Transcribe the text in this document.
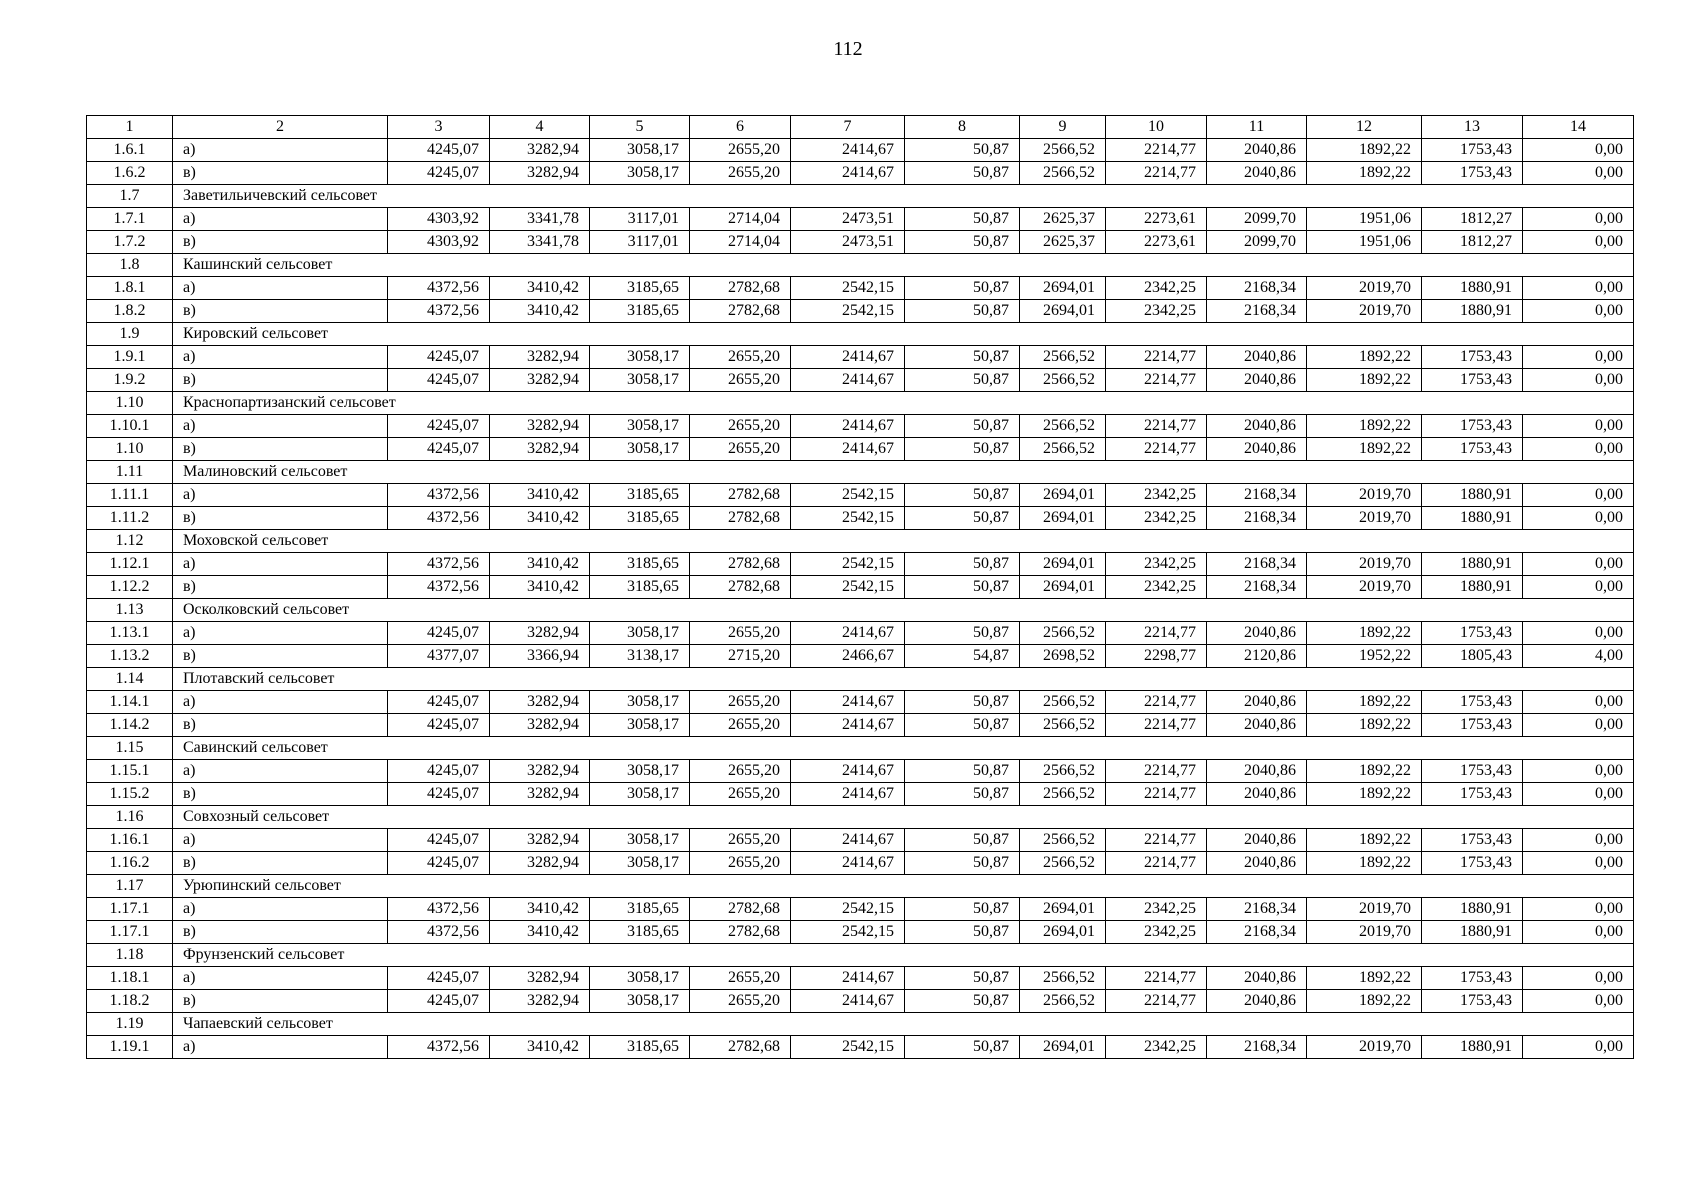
112
1	2	3	4	5	6	7	8	9	10	11	12	13	14
1.6.1	а)	4245,07	3282,94	3058,17	2655,20	2414,67	50,87	2566,52	2214,77	2040,86	1892,22	1753,43	0,00
1.6.2	в)	4245,07	3282,94	3058,17	2655,20	2414,67	50,87	2566,52	2214,77	2040,86	1892,22	1753,43	0,00
1.7	Заветильичевский сельсовет												
1.7.1	а)	4303,92	3341,78	3117,01	2714,04	2473,51	50,87	2625,37	2273,61	2099,70	1951,06	1812,27	0,00
1.7.2	в)	4303,92	3341,78	3117,01	2714,04	2473,51	50,87	2625,37	2273,61	2099,70	1951,06	1812,27	0,00
1.8	Кашинский сельсовет												
1.8.1	а)	4372,56	3410,42	3185,65	2782,68	2542,15	50,87	2694,01	2342,25	2168,34	2019,70	1880,91	0,00
1.8.2	в)	4372,56	3410,42	3185,65	2782,68	2542,15	50,87	2694,01	2342,25	2168,34	2019,70	1880,91	0,00
1.9	Кировский сельсовет												
1.9.1	а)	4245,07	3282,94	3058,17	2655,20	2414,67	50,87	2566,52	2214,77	2040,86	1892,22	1753,43	0,00
1.9.2	в)	4245,07	3282,94	3058,17	2655,20	2414,67	50,87	2566,52	2214,77	2040,86	1892,22	1753,43	0,00
1.10	Краснопартизанский сельсовет												
1.10.1	а)	4245,07	3282,94	3058,17	2655,20	2414,67	50,87	2566,52	2214,77	2040,86	1892,22	1753,43	0,00
1.10	в)	4245,07	3282,94	3058,17	2655,20	2414,67	50,87	2566,52	2214,77	2040,86	1892,22	1753,43	0,00
1.11	Малиновский сельсовет												
1.11.1	а)	4372,56	3410,42	3185,65	2782,68	2542,15	50,87	2694,01	2342,25	2168,34	2019,70	1880,91	0,00
1.11.2	в)	4372,56	3410,42	3185,65	2782,68	2542,15	50,87	2694,01	2342,25	2168,34	2019,70	1880,91	0,00
1.12	Моховской сельсовет												
1.12.1	а)	4372,56	3410,42	3185,65	2782,68	2542,15	50,87	2694,01	2342,25	2168,34	2019,70	1880,91	0,00
1.12.2	в)	4372,56	3410,42	3185,65	2782,68	2542,15	50,87	2694,01	2342,25	2168,34	2019,70	1880,91	0,00
1.13	Осколковский сельсовет												
1.13.1	а)	4245,07	3282,94	3058,17	2655,20	2414,67	50,87	2566,52	2214,77	2040,86	1892,22	1753,43	0,00
1.13.2	в)	4377,07	3366,94	3138,17	2715,20	2466,67	54,87	2698,52	2298,77	2120,86	1952,22	1805,43	4,00
1.14	Плотавский сельсовет												
1.14.1	а)	4245,07	3282,94	3058,17	2655,20	2414,67	50,87	2566,52	2214,77	2040,86	1892,22	1753,43	0,00
1.14.2	в)	4245,07	3282,94	3058,17	2655,20	2414,67	50,87	2566,52	2214,77	2040,86	1892,22	1753,43	0,00
1.15	Савинский сельсовет												
1.15.1	а)	4245,07	3282,94	3058,17	2655,20	2414,67	50,87	2566,52	2214,77	2040,86	1892,22	1753,43	0,00
1.15.2	в)	4245,07	3282,94	3058,17	2655,20	2414,67	50,87	2566,52	2214,77	2040,86	1892,22	1753,43	0,00
1.16	Совхозный сельсовет												
1.16.1	а)	4245,07	3282,94	3058,17	2655,20	2414,67	50,87	2566,52	2214,77	2040,86	1892,22	1753,43	0,00
1.16.2	в)	4245,07	3282,94	3058,17	2655,20	2414,67	50,87	2566,52	2214,77	2040,86	1892,22	1753,43	0,00
1.17	Урюпинский сельсовет												
1.17.1	а)	4372,56	3410,42	3185,65	2782,68	2542,15	50,87	2694,01	2342,25	2168,34	2019,70	1880,91	0,00
1.17.1	в)	4372,56	3410,42	3185,65	2782,68	2542,15	50,87	2694,01	2342,25	2168,34	2019,70	1880,91	0,00
1.18	Фрунзенский сельсовет												
1.18.1	а)	4245,07	3282,94	3058,17	2655,20	2414,67	50,87	2566,52	2214,77	2040,86	1892,22	1753,43	0,00
1.18.2	в)	4245,07	3282,94	3058,17	2655,20	2414,67	50,87	2566,52	2214,77	2040,86	1892,22	1753,43	0,00
1.19	Чапаевский сельсовет												
1.19.1	а)	4372,56	3410,42	3185,65	2782,68	2542,15	50,87	2694,01	2342,25	2168,34	2019,70	1880,91	0,00
